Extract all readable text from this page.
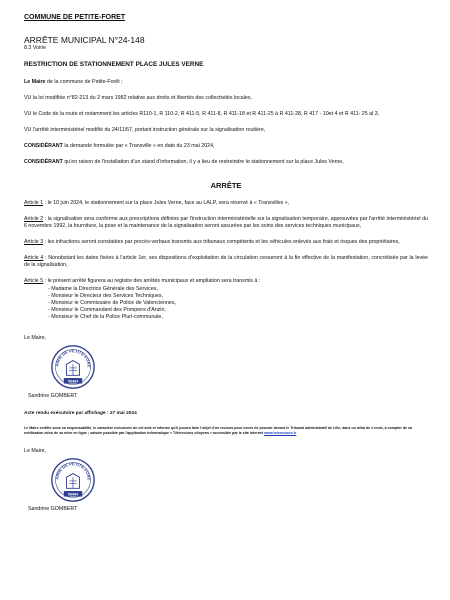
COMMUNE DE PETITE-FORET

ARRÊTE MUNICIPAL N°24-148

8.3 Voirie

RESTRICTION DE STATIONNEMENT PLACE JULES VERNE

Le Maire de la commune de Petite-Forêt ;

VU la loi modifiée n°82-213 du 2 mars 1982 relative aux droits et libertés des collectivités locales,

VU le Code de la route et notamment les articles R110-1, R 110-2, R 411-5, R 411-8, R 411-18 et R 411-25 à R 411-28, R 417 - 10et 4 et R 411- 25 al 3,

VU l'arrêté interministériel modifié du 24/11/67, portant instruction générale sur la signalisation routière,

CONSIDÉRANT la demande formulée par « Transville » en date du 23 mai 2024,

CONSIDÉRANT qu'en raison de l'installation d'un stand d'information, il y a lieu de restreindre le stationnement sur la place Jules Verne,

ARRÊTE

Article 1 : le 10 juin 2024, le stationnement sur la place Jules Verne, face au LALP, sera réservé à « Transvilles »,

Article 2 : la signalisation sera conforme aux prescriptions définies par l'instruction interministérielle sur la signalisation temporaire, approuvées par l'arrêté interministériel du 6 novembre 1992, la fourniture, la pose et la maintenance de la signalisation seront assurées par les soins des services techniques municipaux,

Article 3 : les infractions seront constatées par procès-verbaux transmis aux tribunaux compétents et les véhicules enlevés aux frais et risques des propriétaires,

Article 4 : Nonobstant les dates fixées à l'article 1er, ses dispositions d'exploitation de la circulation cesseront à la fin effective de la manifestation, concrétisée par la levée de la signalisation,

Article 5 : le présent arrêté figurera au registre des arrêtés municipaux et ampliation sera transmis à :

- Madame la Directrice Générale des Services,
- Monsieur le Directeur des Services Techniques,
- Monsieur le Commissaire de Police de Valenciennes,
- Monsieur le Commandant des Pompiers d'Anzin,
- Monsieur le Chef de la Police Pluri-communale,

Le Maire,

AIRIE DE PETITE-FORE
59494

Sandrine GOMBERT

Acte rendu exécutoire par affichage : 27 mai 2024

Le Maire certifie sous sa responsabilité, le caractère exécutoire de cet acte et informe qu'il pourra faire l'objet d'un recours pour excès de pouvoir devant le Tribunal administratif de Lille, dans un délai de 2 mois, à compter de sa notification et/ou de sa mise en ligne ; saisine possible par l'application informatique « Télérecours citoyens » accessible par le site internet www.telerecours.fr

Le Maire,

AIRIE DE PETITE-FORE
59494

Sandrine GOMBERT
